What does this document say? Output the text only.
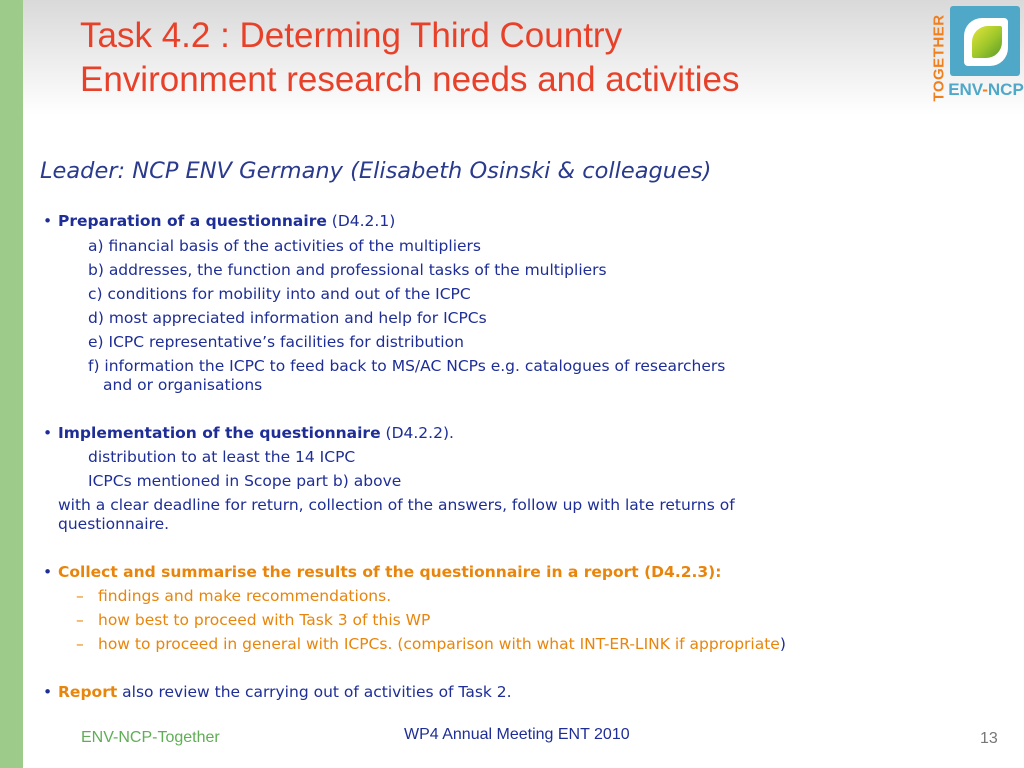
Task 4.2 : Determing Third Country
Environment research needs and activities	TOGETHER ENV-NCP
Leader: NCP ENV Germany (Elisabeth Osinski & colleagues)
• Preparation of a questionnaire (D4.2.1)
a) financial basis of the activities of the multipliers
b) addresses, the function and professional tasks of the multipliers
c) conditions for mobility into and out of the ICPC
d) most appreciated information and help for ICPCs
e) ICPC representative’s facilities for distribution
f) information the ICPC to feed back to MS/AC NCPs e.g. catalogues of researchers
and or organisations
• Implementation of the questionnaire (D4.2.2).
distribution to at least the 14 ICPC
ICPCs mentioned in Scope part b) above
with a clear deadline for return, collection of the answers, follow up with late returns of
questionnaire.
• Collect and summarise the results of the questionnaire in a report (D4.2.3):
– findings and make recommendations.
– how best to proceed with Task 3 of this WP
– how to proceed in general with ICPCs. (comparison with what INT-ER-LINK if appropriate)
• Report also review the carrying out of activities of Task 2.
ENV-NCP-Together	WP4 Annual Meeting ENT 2010	13
